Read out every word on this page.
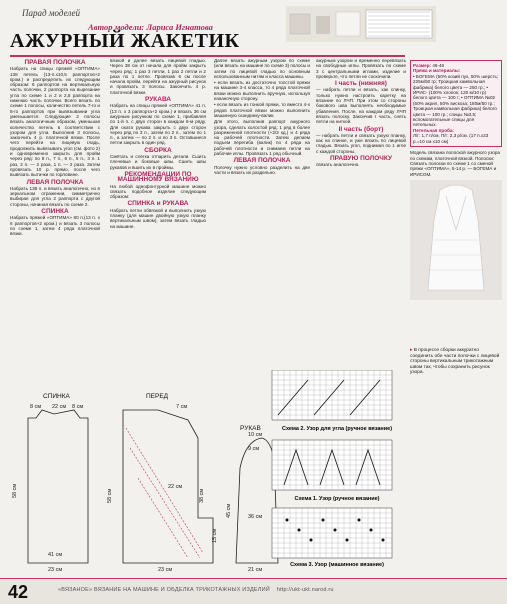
Парад моделей
Автор модели: Лариса Игнатова
АЖУРНЫЙ ЖАКЕТИК
ПРАВАЯ ПОЛОЧКА

Набрать на спицы пряжей «ОПТИМА» 138 петель (13-п.x10,5 раппортов+2 кром.) и распределить их следующим образом: 6 раппортов на вертикальную часть полочки, 2 раппорта на вырезание угла по схеме 1 и 2 и 2,5 раппорта на нижнюю часть полочки. Всего вязать по схеме 1 полосы, количество петель 7-го и 8-го раппортов при вывязывании угла уменьшается. Следующие 2 полосы вязать аналогичным образом, уменьшая количество петель в соответствии с узором для угла. Выполнив 3 полосы, закончить 4 р. платочной вязки. После чего перейти на лицевую гладь, продолжить вывязывать угол (см. фото 2) и одновременно закрыть для пройм через ряд: по 8 п., 7 п., 6 п., 5 п., 3 п. 1 раз, 2 п. — 2 раза, 1 п. — 2 раза. Затем провязать 10 р. прямо, после чего вывязать вытачки по горловине.

ЛЕВАЯ ПОЛОЧКА

Набрать 138 п. и вязать аналогично, но в зеркальном отражении, симметрично выбирая для угла 2 раппорта с другой стороны, начиная вязать по схеме 2.

СПИНКА

Набрать пряжей «ОПТИМА» 80 п.(13 п. x 6 раппортов+2 кром.) и вязать 3 полосы по схеме 1, затем 4 ряда платочной вязки.

вязкой и далее вязать лицевой гладью. Через 38 см от начала для пройм закрыть через ряд: 1 раз 3 петли, 1 раз 2 петли и 2 раза по 1 петле. Провязав 6 см после начала пройм, перейти на ажурный рисунок и провязать 3 полосы. Закончить 4 р. платочной вязки.

РУКАВА

Набрать на спицы пряжей «ОПТИМА» 41 п. (13 п. x 3 раппорта+2 кром.) и вязать 36 см ажурным рисунком по схеме 1, прибавляя по 1-й п. с двух сторон в каждом 6-м ряду. Для оката рукава закрыть с двух сторон через ряд по 3 п., затем по 2 п., затем по 1 п., а затем — по 2 п. и по 3 п. Оставшиеся петли закрыть в один ряд.

СБОРКА

Смётать и слегка отпарить детали. Сшить плечевые и боковые швы. Сшить швы рукавов и вшить их в проймы.

РЕКОМЕНДАЦИИ ПО МАШИННОМУ ВЯЗАНИЮ

На любой однофонтурной машине можно связать подобное изделие следующим образом:

СПИНКА и РУКАВА

Набрать петли обвязкой и выполнить узкую планку (для машин двойную узкую планку вертикальным швом), затем вязать гладью на машине.

Далее вязать ажурным узором по схеме (или вязать на машине по схеме 3) полосы и затем по лицевой гладью по основным использованным нитям и класса машины.

• если вязать из достаточно толстой пряжи на машине 3-4 класса, то 4 ряда платочной вязки можно выполнить вручную, используя изнаночную сторону.

• если вязать из тонкой пряжи, то вместо 4-х рядов платочной вязки можно выполнить машинную скандинку-валик.

Для этого, выполнив раппорт ажурного узора, сделать холостой ряд: 1 ряд в более разреженной плотности (+2/3 кд.) и 4 ряда на рабочей плотности. Затем делаем подъем перегиба (валик) по 4 ряда на рабочей плотности и снимаем петли на рабочие иглы. Провязать 1 ряд обычный.

ЛЕВАЯ ПОЛОЧКА

Полочку нужно условно разделить на две части и вязать их раздельно.

ажурным узором и временно перевязать на свободные иглы. Провязать по схеме 3 с центральными иглами, изделие и проверьте, что петли не соскочили.

I часть (нижняя)

— набрать петли и вязать, как спинку, только нужно настроить каретку на вязание по ЛЧП. При этом со стороны бокового шва выполнять необходимые убавления. После, на каждом ряду ЛЧП вязать полоску. Закончив I часть, снять петли на ниткой.

II часть (борт)

— набрать петли и связать узкую планку, как на спинке, и уже вязать по лицевой гладью. Вязать угол, поднимая по 1 игле с каждой стороны.

ПРАВУЮ ПОЛОЧКУ

связать аналогично.

Размер: 46-48
Пряжа и материалы:
• БОГЕМА (50% козий пух, 50% шерсть; 225м/50 гр; Троицкая камвольная фабрика) белого цвета — 250 гр.; • ИРИС- (100% хлопок; 120 м/10 гр) белого цвета — 100 г; • ОПТИМА №02 (50% акрил, 50% вискоза; 180м/50 гр.; Троицкая камвольная фабрика) белого цвета — 100 гр.; спицы №3,5; вспомогательные спицы для петельных.
Петельная проба:
Л/г: 1,7 п/см, П/г: 2,3 р/см. (17 п.x23 р.=10 см x10 см)
Модель связана полоской ажурного узора по схемам, платочной вязкой. Полоски: Связать полоски по схеме 1 со сменой пряжи «ОПТИМА», 5-14 р. — БОГЕМА и ИРИСОМ.
▸ В процессе сборки аккуратно соединить обе части полочки с лицевой стороны вертикальным трикотажным швом так, чтобы сохранить рисунок узора.
СПИНКА
8 см 22 см 8 см
58 см
23 см
41 см
ПЕРЕД
58 см
23 см
38 см
15 см
22 см
7 см
РУКАВ
45 см
9 см
10 см
21 см
36 см
Схема 2. Узор для угла (ручное вязание)
Схема 1. Узор (ручное вязание)
Схема 3. Узор (машинное вязание)
42	«ВЯЗАНОЕ» ВЯЗАНИЕ НА МАШИНЕ И ОБДЕЛКА ТРИКОТАЖНЫХ ИЗДЕЛИЙ http://ukt-ukt.narod.ru
